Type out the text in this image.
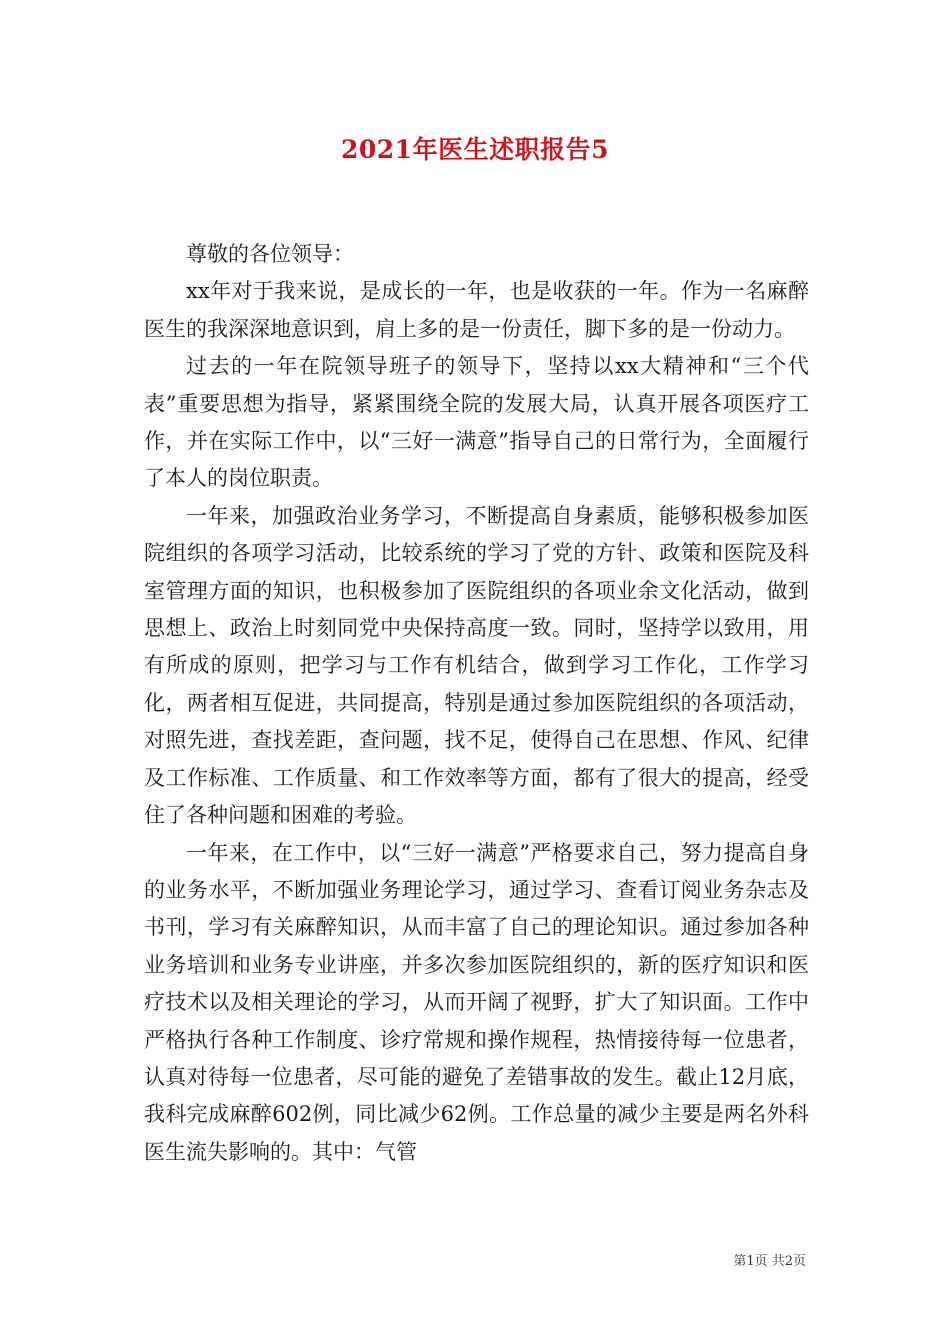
2021年医生述职报告5

尊敬的各位领导：

xx年对于我来说，是成长的一年，也是收获的一年。作为一名麻醉医生的我深深地意识到，肩上多的是一份责任，脚下多的是一份动力。

过去的一年在院领导班子的领导下，坚持以xx大精神和“三个代表”重要思想为指导，紧紧围绕全院的发展大局，认真开展各项医疗工作，并在实际工作中，以“三好一满意”指导自己的日常行为，全面履行了本人的岗位职责。

一年来，加强政治业务学习，不断提高自身素质，能够积极参加医院组织的各项学习活动，比较系统的学习了党的方针、政策和医院及科室管理方面的知识，也积极参加了医院组织的各项业余文化活动，做到思想上、政治上时刻同党中央保持高度一致。同时，坚持学以致用，用有所成的原则，把学习与工作有机结合，做到学习工作化，工作学习化，两者相互促进，共同提高，特别是通过参加医院组织的各项活动，对照先进，查找差距，查问题，找不足，使得自己在思想、作风、纪律及工作标准、工作质量、和工作效率等方面，都有了很大的提高，经受住了各种问题和困难的考验。

一年来，在工作中，以“三好一满意”严格要求自己，努力提高自身的业务水平，不断加强业务理论学习，通过学习、查看订阅业务杂志及书刊，学习有关麻醉知识，从而丰富了自己的理论知识。通过参加各种业务培训和业务专业讲座，并多次参加医院组织的，新的医疗知识和医疗技术以及相关理论的学习，从而开阔了视野，扩大了知识面。工作中严格执行各种工作制度、诊疗常规和操作规程，热情接待每一位患者，认真对待每一位患者，尽可能的避免了差错事故的发生。截止12月底，我科完成麻醉602例，同比减少62例。工作总量的减少主要是两名外科医生流失影响的。其中：气管

第1页 共2页
